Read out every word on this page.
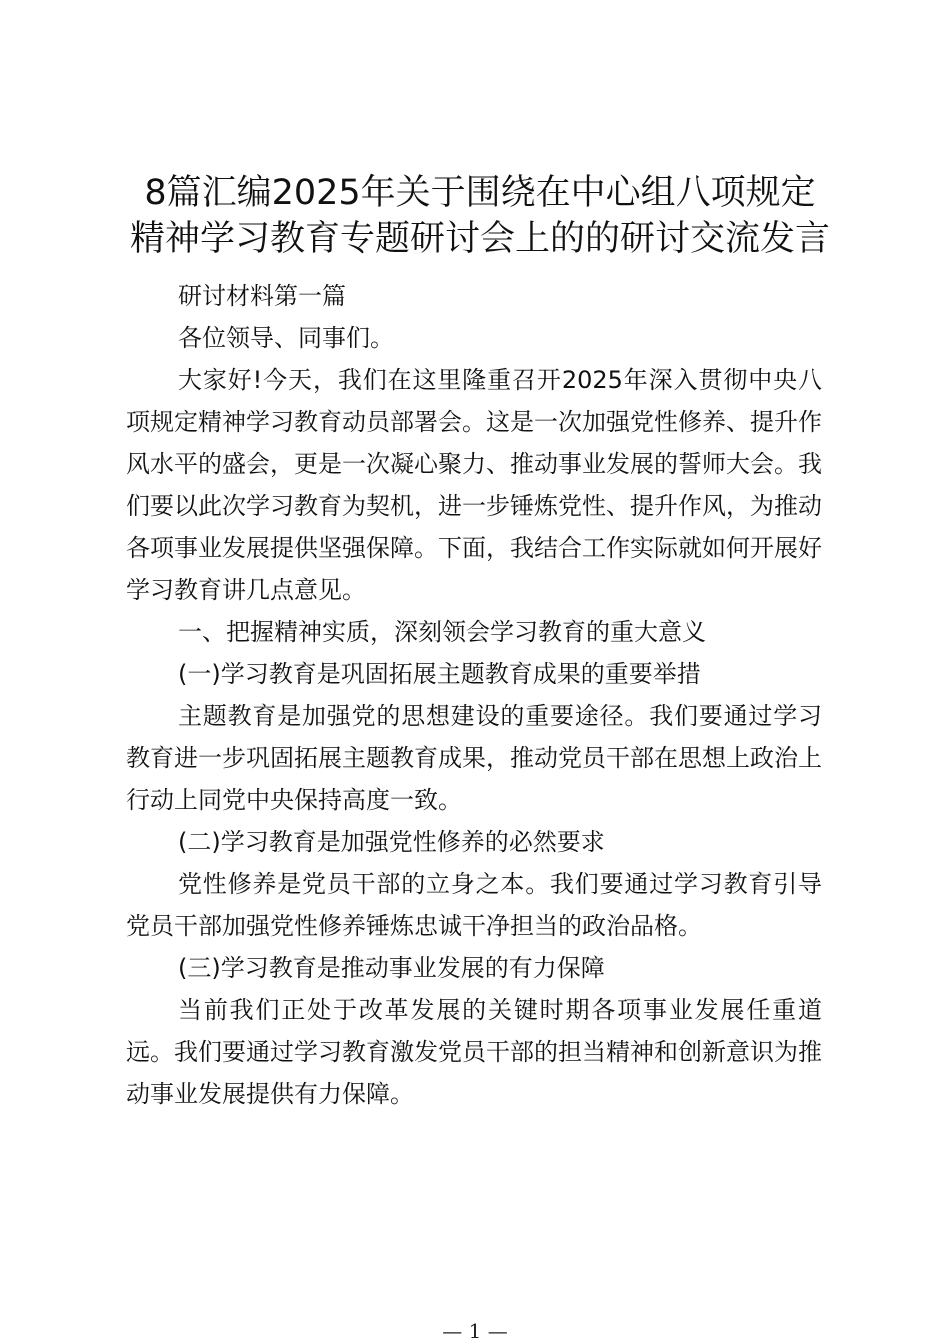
8篇汇编2025年关于围绕在中心组八项规定
精神学习教育专题研讨会上的的研讨交流发言

研讨材料第一篇

各位领导、同事们。

大家好!今天，我们在这里隆重召开2025年深入贯彻中央八项规定精神学习教育动员部署会。这是一次加强党性修养、提升作风水平的盛会，更是一次凝心聚力、推动事业发展的誓师大会。我们要以此次学习教育为契机，进一步锤炼党性、提升作风，为推动各项事业发展提供坚强保障。下面，我结合工作实际就如何开展好学习教育讲几点意见。

一、把握精神实质，深刻领会学习教育的重大意义

(一)学习教育是巩固拓展主题教育成果的重要举措

主题教育是加强党的思想建设的重要途径。我们要通过学习教育进一步巩固拓展主题教育成果，推动党员干部在思想上政治上行动上同党中央保持高度一致。

(二)学习教育是加强党性修养的必然要求

党性修养是党员干部的立身之本。我们要通过学习教育引导党员干部加强党性修养锤炼忠诚干净担当的政治品格。

(三)学习教育是推动事业发展的有力保障

当前我们正处于改革发展的关键时期各项事业发展任重道远。我们要通过学习教育激发党员干部的担当精神和创新意识为推动事业发展提供有力保障。

— 1 —
